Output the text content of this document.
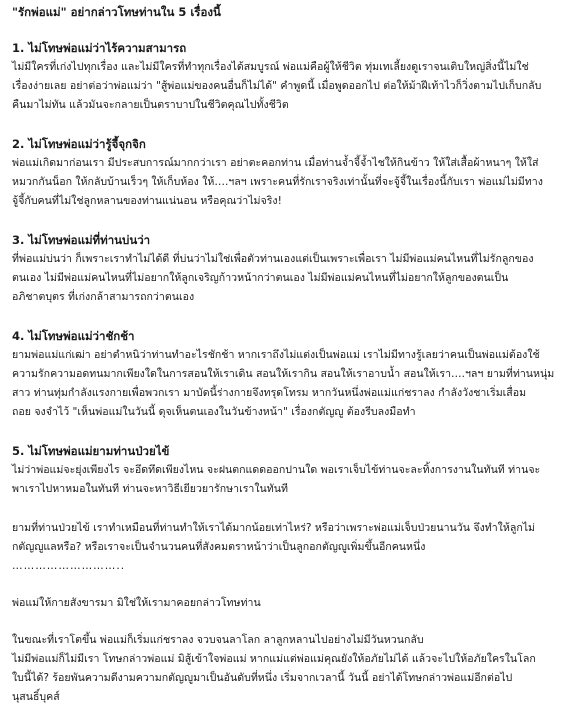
"รักพ่อแม่" อย่ากล่าวโทษท่านใน 5 เรื่องนี้
1. ไม่โทษพ่อแม่ว่าไร้ความสามารถ
ไม่มีใครที่เก่งไปทุกเรื่อง และไม่มีใครที่ทำทุกเรื่องได้สมบูรณ์ พ่อแม่คือผู้ให้ชีวิต ทุ่มเทเลี้ยงดูเราจนเติบใหญ่สิ่งนี้ไม่ใช่
เรื่องง่ายเลย อย่าต่อว่าพ่อแม่ว่า "สู้พ่อแม่ของคนอื่นก็ไม่ได้" คำพูดนี้ เมื่อพูดออกไป ต่อให้ม้าฝีเท้าไวก็วิ่งตามไปเก็บกลับ
คืนมาไม่ทัน แล้วมันจะกลายเป็นตราบาปในชีวิตคุณไปทั้งชีวิต
2. ไม่โทษพ่อแม่ว่ารู้จี้จุกจิก
พ่อแม่เกิดมาก่อนเรา มีประสบการณ์มากกว่าเรา อย่าตะคอกท่าน เมื่อท่านจ้ำจี้จ้ำไชให้กินข้าว ให้ใส่เสื้อผ้าหนาๆ ให้ใส่
หมวกกันน็อก ให้กลับบ้านเร็วๆ ให้เก็บห้อง ให้….ฯลฯ เพราะคนที่รักเราจริงเท่านั้นที่จะจู้จี้ในเรื่องนี้กับเรา พ่อแม่ไม่มีทาง
จู้จี้กับคนที่ไม่ใช่ลูกหลานของท่านแน่นอน หรือคุณว่าไม่จริง!
3. ไม่โทษพ่อแม่ที่ท่านบ่นว่า
ที่พ่อแม่บ่นว่า ก็เพราะเราทำไม่ได้ดี ที่บ่นว่าไม่ใช่เพื่อตัวท่านเองแต่เป็นเพราะเพื่อเรา ไม่มีพ่อแม่คนไหนที่ไม่รักลูกของ
ตนเอง ไม่มีพ่อแม่คนไหนที่ไม่อยากให้ลูกเจริญก้าวหน้ากว่าตนเอง ไม่มีพ่อแม่คนไหนที่ไม่อยากให้ลูกของตนเป็น
อภิชาตบุตร ที่เก่งกล้าสามารถกว่าตนเอง
4. ไม่โทษพ่อแม่ว่าชักช้า
ยามพ่อแม่แก่เฒ่า อย่าตำหนิว่าท่านทำอะไรชักช้า หากเราถึงไม่แต่งเป็นพ่อแม่ เราไม่มีทางรู้เลยว่าคนเป็นพ่อแม่ต้องใช้
ความรักความอดทนมากเพียงใดในการสอนให้เราเดิน สอนให้เรากิน สอนให้เราอาบน้ำ สอนให้เรา….ฯลฯ ยามที่ท่านหนุ่ม
สาว ท่านทุ่มกำลังแรงกายเพื่อพวกเรา มาบัดนี้ร่างกายจึงทรุดโทรม หากวันหนึ่งพ่อแม่แก่ชราลง กำลังวังชาเริ่มเสื่อม
ถอย จงจำไว้ "เห็นพ่อแม่ในวันนี้ ดุจเห็นตนเองในวันข้างหน้า" เรื่องกตัญญู ต้องรีบลงมือทำ
5. ไม่โทษพ่อแม่ยามท่านป่วยไข้
ไม่ว่าพ่อแม่จะยุ่งเพียงไร จะอึดทึดเพียงไหน จะฝนตกแดดออกปานใด พอเราเจ็บไข้ท่านจะละทิ้งการงานในทันที ท่านจะ
พาเราไปหาหมอในทันที ท่านจะหาวิธีเยียวยารักษาเราในทันที
ยามที่ท่านป่วยไข้ เราทำเหมือนที่ท่านทำให้เราได้มากน้อยเท่าไหร่? หรือว่าเพราะพ่อแม่เจ็บป่วยนานวัน จึงทำให้ลูกไม่
กตัญญูแลหรือ? หรือเราจะเป็นจำนวนคนที่สังคมตราหน้าว่าเป็นลูกอกตัญญูเพิ่มขึ้นอีกคนหนึ่ง
………………………..
พ่อแม่ให้กายสังขารมา มิใช่ให้เรามาคอยกล่าวโทษท่าน
ในขณะที่เราโตขึ้น พ่อแม่ก็เริ่มแก่ชราลง จวบจนลาโลก ลาลูกหลานไปอย่างไม่มีวันหวนกลับ
ไม่มีพ่อแม่ก็ไม่มีเรา โทษกล่าวพ่อแม่ มิสู้เข้าใจพ่อแม่ หากแม่แต่พ่อแม่คุณยังให้อภัยไม่ได้ แล้วจะไปให้อภัยใครในโลก
ใบนี้ได้? ร้อยพันความดีงามความกตัญญูมาเป็นอันดับที่หนึ่ง เริ่มจากเวลานี้ วันนี้ อย่าได้โทษกล่าวพ่อแม่อีกต่อไป
นุสนธิ์บุคส์
